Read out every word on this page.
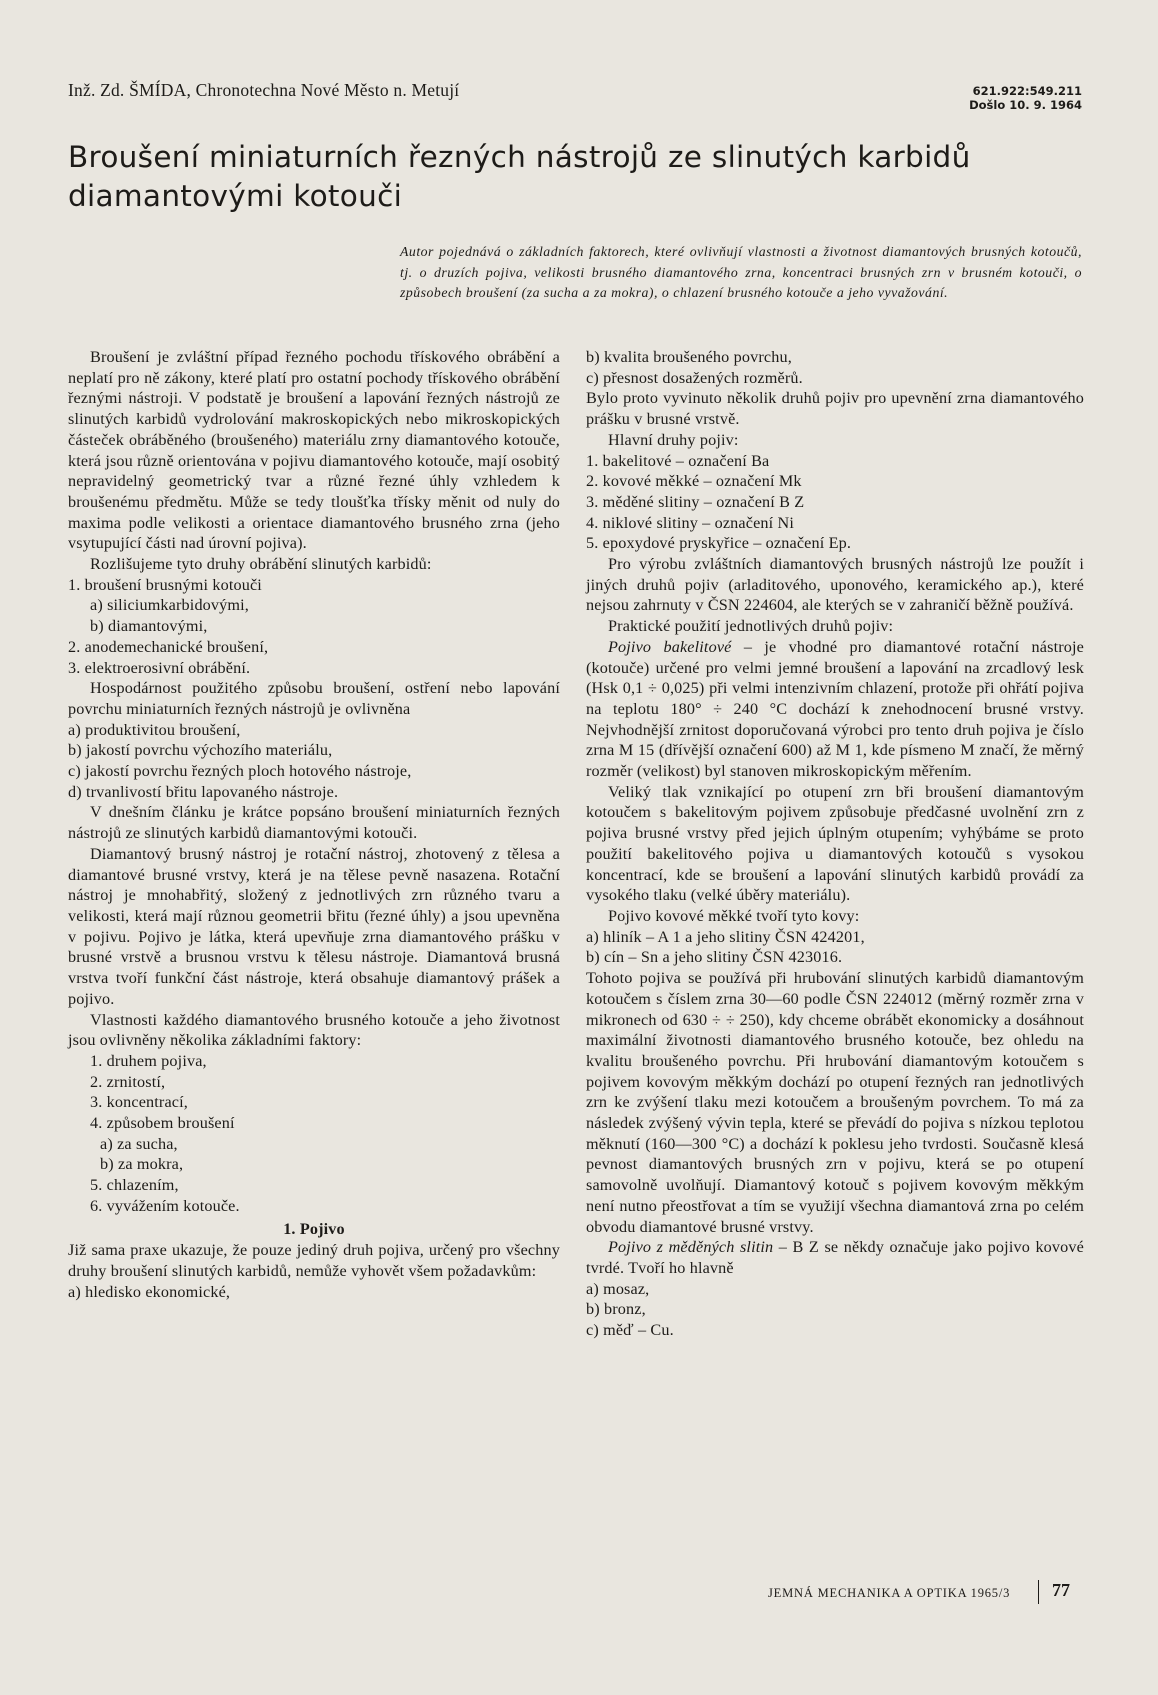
Inž. Zd. ŠMÍDA, Chronotechna Nové Město n. Metují	621.922:549.211
Došlo 10. 9. 1964
Broušení miniaturních řezných nástrojů ze slinutých karbidů diamantovými kotouči
Autor pojednává o základních faktorech, které ovlivňují vlastnosti a životnost diamantových brusných kotoučů, tj. o druzích pojiva, velikosti brusného diamantového zrna, koncentraci brusných zrn v brusném kotouči, o způsobech broušení (za sucha a za mokra), o chlazení brusného kotouče a jeho vyvažování.

Broušení je zvláštní případ řezného pochodu třískového obrábění a neplatí pro ně zákony, které platí pro ostatní pochody třískového obrábění řeznými nástroji. V podstatě je broušení a lapování řezných nástrojů ze slinutých karbidů vydrolování makroskopických nebo mikroskopických částeček obráběného (broušeného) materiálu zrny diamantového kotouče, která jsou různě orientována v pojivu diamantového kotouče, mají osobitý nepravidelný geometrický tvar a různé řezné úhly vzhledem k broušenému předmětu. Může se tedy tloušťka třísky měnit od nuly do maxima podle velikosti a orientace diamantového brusného zrna (jeho vsytupující části nad úrovní pojiva).

Rozlišujeme tyto druhy obrábění slinutých karbidů:

1. broušení brusnými kotouči
a) siliciumkarbidovými,
b) diamantovými,
2. anodemechanické broušení,
3. elektroerosivní obrábění.

Hospodárnost použitého způsobu broušení, ostření nebo lapování povrchu miniaturních řezných nástrojů je ovlivněna

a) produktivitou broušení,
b) jakostí povrchu výchozího materiálu,
c) jakostí povrchu řezných ploch hotového nástroje,
d) trvanlivostí břitu lapovaného nástroje.

V dnešním článku je krátce popsáno broušení miniaturních řezných nástrojů ze slinutých karbidů diamantovými kotouči.

Diamantový brusný nástroj je rotační nástroj, zhotovený z tělesa a diamantové brusné vrstvy, která je na tělese pevně nasazena. Rotační nástroj je mnohabřitý, složený z jednotlivých zrn různého tvaru a velikosti, která mají různou geometrii břitu (řezné úhly) a jsou upevněna v pojivu. Pojivo je látka, která upevňuje zrna diamantového prášku v brusné vrstvě a brusnou vrstvu k tělesu nástroje. Diamantová brusná vrstva tvoří funkční část nástroje, která obsahuje diamantový prášek a pojivo.

Vlastnosti každého diamantového brusného kotouče a jeho životnost jsou ovlivněny několika základními faktory:

1. druhem pojiva,
2. zrnitostí,
3. koncentrací,
4. způsobem broušení
a) za sucha,
b) za mokra,
5. chlazením,
6. vyvážením kotouče.
1. Pojivo

Již sama praxe ukazuje, že pouze jediný druh pojiva, určený pro všechny druhy broušení slinutých karbidů, nemůže vyhovět všem požadavkům:

a) hledisko ekonomické,
b) kvalita broušeného povrchu,
c) přesnost dosažených rozměrů.

Bylo proto vyvinuto několik druhů pojiv pro upevnění zrna diamantového prášku v brusné vrstvě.

Hlavní druhy pojiv:
1. bakelitové – označení Ba
2. kovové měkké – označení Mk
3. měděné slitiny – označení B Z
4. niklové slitiny – označení Ni
5. epoxydové pryskyřice – označení Ep.

Pro výrobu zvláštních diamantových brusných nástrojů lze použít i jiných druhů pojiv (arladitového, uponového, keramického ap.), které nejsou zahrnuty v ČSN 224604, ale kterých se v zahraničí běžně používá.

Praktické použití jednotlivých druhů pojiv:

Pojivo bakelitové – je vhodné pro diamantové rotační nástroje (kotouče) určené pro velmi jemné broušení a lapování na zrcadlový lesk (Hsk 0,1 ÷ 0,025) při velmi intenzivním chlazení, protože při ohřátí pojiva na teplotu 180° ÷ 240 °C dochází k znehodnocení brusné vrstvy. Nejvhodnější zrnitost doporučovaná výrobci pro tento druh pojiva je číslo zrna M 15 (dřívější označení 600) až M 1, kde písmeno M značí, že měrný rozměr (velikost) byl stanoven mikroskopickým měřením.

Veliký tlak vznikající po otupení zrn bři broušení diamantovým kotoučem s bakelitovým pojivem způsobuje předčasné uvolnění zrn z pojiva brusné vrstvy před jejich úplným otupením; vyhýbáme se proto použití bakelitového pojiva u diamantových kotoučů s vysokou koncentrací, kde se broušení a lapování slinutých karbidů provádí za vysokého tlaku (velké úběry materiálu).

Pojivo kovové měkké tvoří tyto kovy:

a) hliník – A 1 a jeho slitiny ČSN 424201,
b) cín – Sn a jeho slitiny ČSN 423016.

Tohoto pojiva se používá při hrubování slinutých karbidů diamantovým kotoučem s číslem zrna 30—60 podle ČSN 224012 (měrný rozměr zrna v mikronech od 630 ÷ ÷ 250), kdy chceme obrábět ekonomicky a dosáhnout maximální životnosti diamantového brusného kotouče, bez ohledu na kvalitu broušeného povrchu. Při hrubování diamantovým kotoučem s pojivem kovovým měkkým dochází po otupení řezných ran jednotlivých zrn ke zvýšení tlaku mezi kotoučem a broušeným povrchem. To má za následek zvýšený vývin tepla, které se převádí do pojiva s nízkou teplotou měknutí (160—300 °C) a dochází k poklesu jeho tvrdosti. Současně klesá pevnost diamantových brusných zrn v pojivu, která se po otupení samovolně uvolňují. Diamantový kotouč s pojivem kovovým měkkým není nutno přeostřovat a tím se využijí všechna diamantová zrna po celém obvodu diamantové brusné vrstvy.

Pojivo z měděných slitin – B Z se někdy označuje jako pojivo kovové tvrdé. Tvoří ho hlavně

a) mosaz,
b) bronz,
c) měď – Cu.
JEMNÁ MECHANIKA A OPTIKA 1965/3 77
